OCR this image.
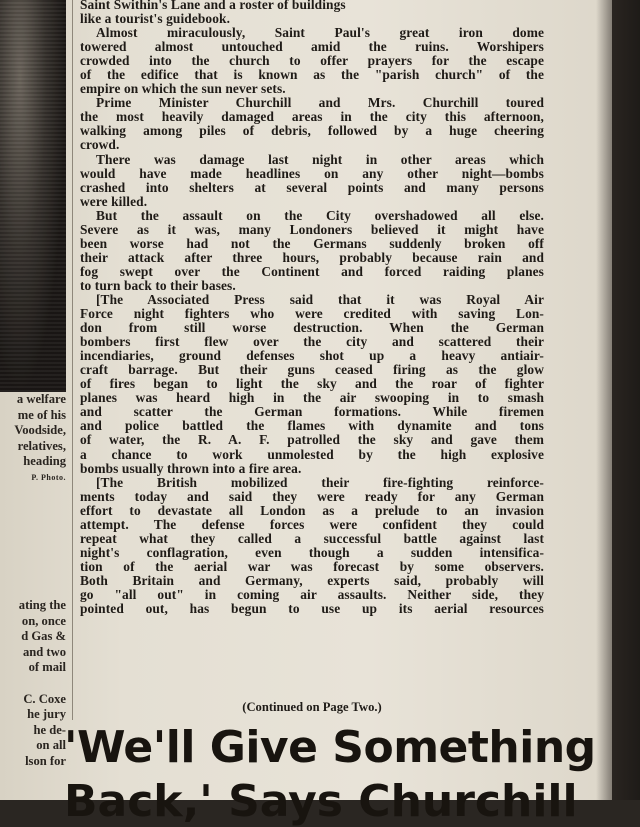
a welfare
me of his
Voodside,
relatives,
heading
P. Photo.
ating the
on, once
d Gas &
and two
of mail

C. Coxe
he jury
he de-
on all
lson for
Saint Swithin's Lane and a roster of buildings
like a tourist's guidebook.
Almost miraculously, Saint Paul's great iron dome
towered almost untouched amid the ruins. Worshipers
crowded into the church to offer prayers for the escape
of the edifice that is known as the "parish church" of the
empire on which the sun never sets.
Prime Minister Churchill and Mrs. Churchill toured
the most heavily damaged areas in the city this afternoon,
walking among piles of debris, followed by a huge cheering
crowd.
There was damage last night in other areas which
would have made headlines on any other night—bombs
crashed into shelters at several points and many persons
were killed.
But the assault on the City overshadowed all else.
Severe as it was, many Londoners believed it might have
been worse had not the Germans suddenly broken off
their attack after three hours, probably because rain and
fog swept over the Continent and forced raiding planes
to turn back to their bases.
[The Associated Press said that it was Royal Air
Force night fighters who were credited with saving Lon-
don from still worse destruction. When the German
bombers first flew over the city and scattered their
incendiaries, ground defenses shot up a heavy antiair-
craft barrage. But their guns ceased firing as the glow
of fires began to light the sky and the roar of fighter
planes was heard high in the air swooping in to smash
and scatter the German formations. While firemen
and police battled the flames with dynamite and tons
of water, the R. A. F. patrolled the sky and gave them
a chance to work unmolested by the high explosive
bombs usually thrown into a fire area.
[The British mobilized their fire-fighting reinforce-
ments today and said they were ready for any German
effort to devastate all London as a prelude to an invasion
attempt. The defense forces were confident they could
repeat what they called a successful battle against last
night's conflagration, even though a sudden intensifica-
tion of the aerial war was forecast by some observers.
Both Britain and Germany, experts said, probably will
go "all out" in coming air assaults. Neither side, they
pointed out, has begun to use up its aerial resources
(Continued on Page Two.)
'We'll Give Something
Back,' Says Churchill
